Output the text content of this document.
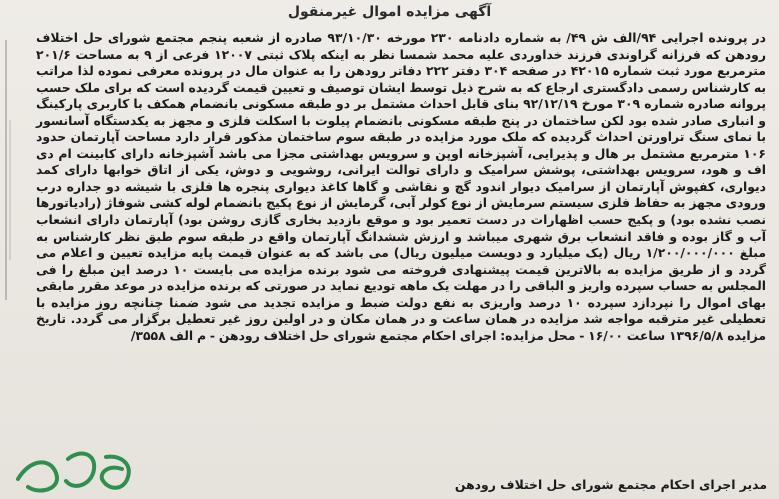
آگهی مزایده اموال غیرمنقول
در پرونده اجرایی ۹۴/الف ش ۴۹/ به شماره دادنامه ۲۳۰ مورخه ۹۳/۱۰/۳۰ صادره از شعبه پنجم مجتمع شورای حل اختلاف رودهن که فرزانه گراوندی فرزند خداوردی علیه محمد شمسا نظر به اینکه پلاک ثبتی ۱۲۰۰۷ فرعی از ۹ به مساحت ۲۰۱/۶ مترمربع مورد ثبت شماره ۴۲۰۱۵ در صفحه ۳۰۴ دفتر ۲۲۲ دفاتر رودهن را به عنوان مال در پرونده معرفی نموده لذا مراتب به کارشناس رسمی دادگستری ارجاع که به شرح ذیل توسط ایشان توصیف و تعیین قیمت گردیده است که برای ملک حسب پروانه صادره شماره ۳۰۹ مورخ ۹۲/۱۲/۱۹ بنای قابل احداث مشتمل بر دو طبقه مسکونی بانضمام همکف با کاربری پارکینگ و انباری صادر شده بود لکن ساختمان در پنج طبقه مسکونی بانضمام پیلوت با اسکلت فلزی و مجهز به یکدستگاه آسانسور با نمای سنگ تراورتن احداث گردیده که ملک مورد مزایده در طبقه سوم ساختمان مذکور قرار دارد مساحت آپارتمان حدود ۱۰۶ مترمربع مشتمل بر هال و پذیرایی، آشپزخانه اوپن و سرویس بهداشتی مجزا می باشد آشپزخانه دارای کابینت ام دی اف و هود، سرویس بهداشتی، پوشش سرامیک و دارای توالت ایرانی، روشویی و دوش، یکی از اتاق خوابها دارای کمد دیواری، کفپوش آپارتمان از سرامیک دیوار اندود گچ و نقاشی و گاها کاغذ دیواری پنجره ها فلزی با شیشه دو جداره درب ورودی مجهز به حفاظ فلزی سیستم سرمایش از نوع کولر آبی، گرمایش از نوع پکیج بانضمام لوله کشی شوفاژ (رادیاتورها نصب نشده بود) و پکیج حسب اظهارات در دست تعمیر بود و موقع بازدید بخاری گازی روشن بود) آپارتمان دارای انشعاب آب و گاز بوده و فاقد انشعاب برق شهری میباشد و ارزش ششدانگ آپارتمان واقع در طبقه سوم طبق نظر کارشناس به مبلغ ۱/۲۰۰/۰۰۰/۰۰۰ ریال (یک میلیارد و دویست میلیون ریال) می باشد که به عنوان قیمت پایه مزایده تعیین و اعلام می گردد و از طریق مزایده به بالاترین قیمت پیشنهادی فروخته می شود برنده مزایده می بایست ۱۰ درصد این مبلغ را فی المجلس به حساب سپرده واریز و الباقی را در مهلت یک ماهه تودیع نماید در صورتی که برنده مزایده در موعد مقرر مابقی بهای اموال را نپردازد سپرده ۱۰ درصد واریزی به نفع دولت ضبط و مزایده تجدید می شود ضمنا چنانچه روز مزایده با تعطیلی غیر مترقبه مواجه شد مزایده در همان ساعت و در همان مکان و در اولین روز غیر تعطیل برگزار می گردد. تاریخ مزایده ۱۳۹۶/۵/۸ ساعت ۱۶/۰۰ - محل مزایده: اجرای احکام مجتمع شورای حل اختلاف رودهن - م الف ۳۵۵۸/
مدیر اجرای احکام مجتمع شورای حل اختلاف رودهن
